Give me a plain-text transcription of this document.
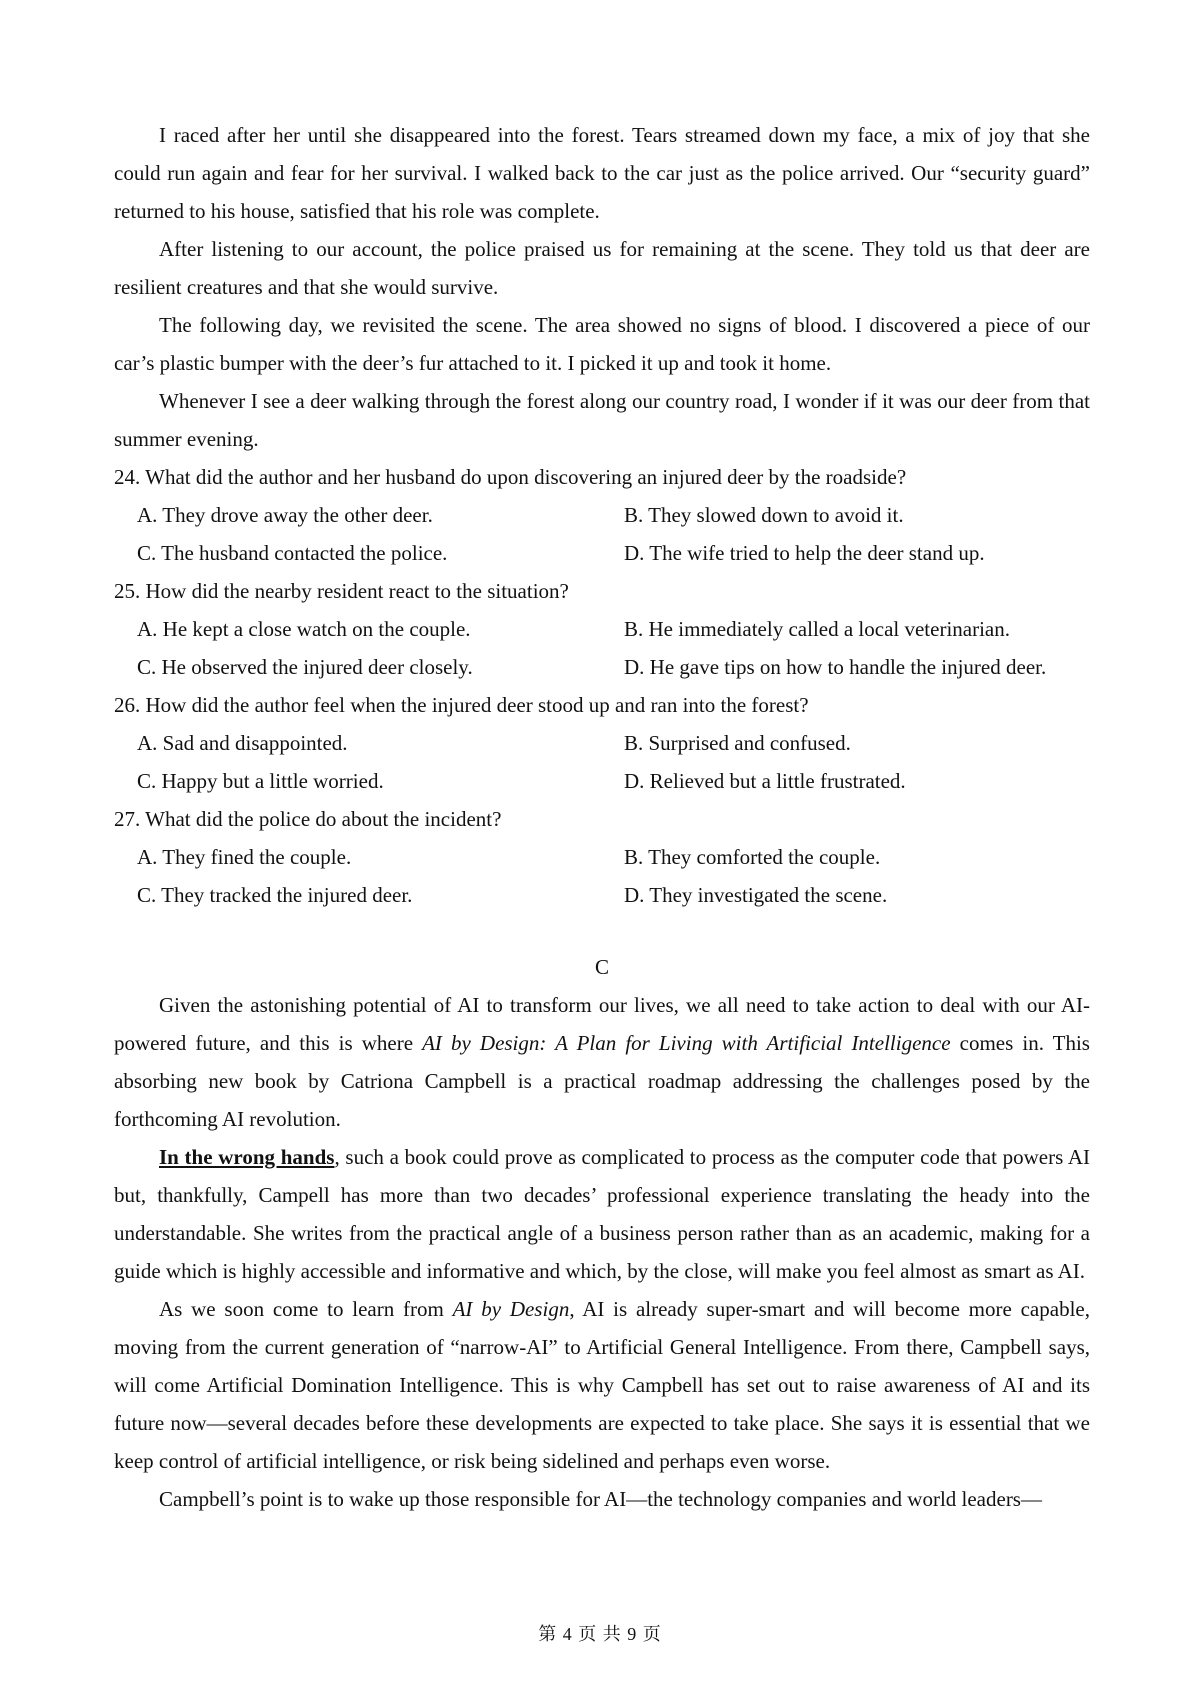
I raced after her until she disappeared into the forest. Tears streamed down my face, a mix of joy that she could run again and fear for her survival. I walked back to the car just as the police arrived. Our “security guard” returned to his house, satisfied that his role was complete.

After listening to our account, the police praised us for remaining at the scene. They told us that deer are resilient creatures and that she would survive.

The following day, we revisited the scene. The area showed no signs of blood. I discovered a piece of our car’s plastic bumper with the deer’s fur attached to it. I picked it up and took it home.

Whenever I see a deer walking through the forest along our country road, I wonder if it was our deer from that summer evening.

24. What did the author and her husband do upon discovering an injured deer by the roadside?

A. They drove away the other deer.	B. They slowed down to avoid it.
C. The husband contacted the police.	D. The wife tried to help the deer stand up.

25. How did the nearby resident react to the situation?

A. He kept a close watch on the couple.	B. He immediately called a local veterinarian.
C. He observed the injured deer closely.	D. He gave tips on how to handle the injured deer.

26. How did the author feel when the injured deer stood up and ran into the forest?

A. Sad and disappointed.	B. Surprised and confused.
C. Happy but a little worried.	D. Relieved but a little frustrated.

27. What did the police do about the incident?

A. They fined the couple.	B. They comforted the couple.
C. They tracked the injured deer.	D. They investigated the scene.

C

Given the astonishing potential of AI to transform our lives, we all need to take action to deal with our AI-powered future, and this is where AI by Design: A Plan for Living with Artificial Intelligence comes in. This absorbing new book by Catriona Campbell is a practical roadmap addressing the challenges posed by the forthcoming AI revolution.

In the wrong hands, such a book could prove as complicated to process as the computer code that powers AI but, thankfully, Campell has more than two decades’ professional experience translating the heady into the understandable. She writes from the practical angle of a business person rather than as an academic, making for a guide which is highly accessible and informative and which, by the close, will make you feel almost as smart as AI.

As we soon come to learn from AI by Design, AI is already super-smart and will become more capable, moving from the current generation of “narrow-AI” to Artificial General Intelligence. From there, Campbell says, will come Artificial Domination Intelligence. This is why Campbell has set out to raise awareness of AI and its future now—several decades before these developments are expected to take place. She says it is essential that we keep control of artificial intelligence, or risk being sidelined and perhaps even worse.

Campbell’s point is to wake up those responsible for AI—the technology companies and world leaders—

第 4 页 共 9 页
